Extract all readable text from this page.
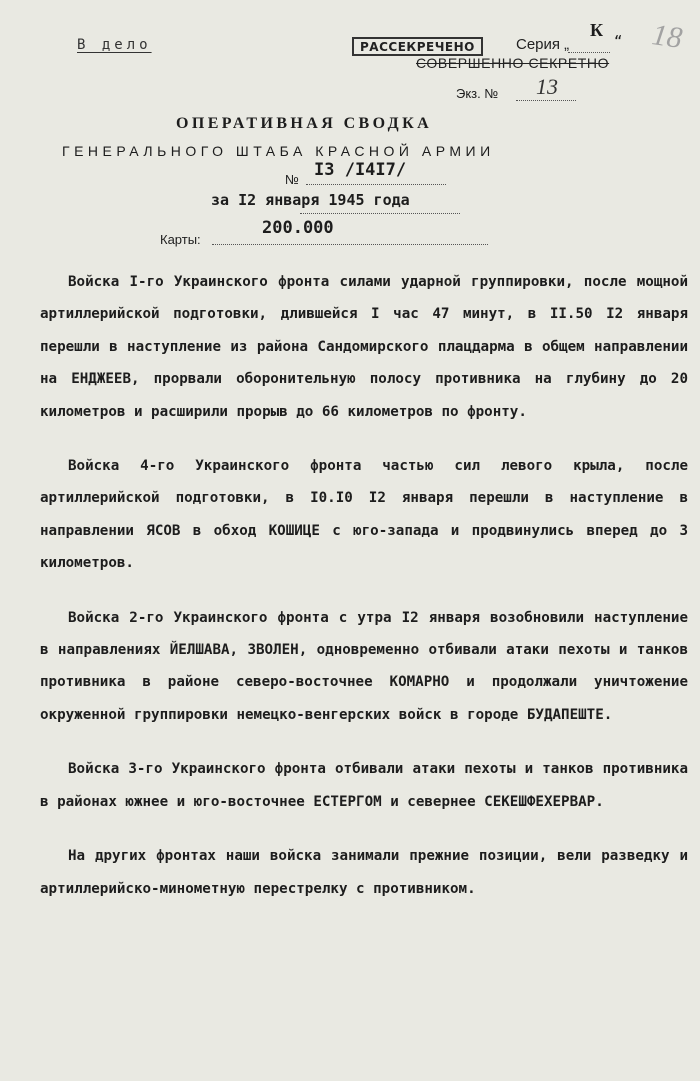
В дело	РАССЕКРЕЧЕНО	Серия „
К
“
СОВЕРШЕННО СЕКРЕТНО
18
Экз. № 13
ОПЕРАТИВНАЯ СВОДКА
ГЕНЕРАЛЬНОГО ШТАБА КРАСНОЙ АРМИИ
№ I3 /I4I7/
за I2 января 1945 года
Карты:
200.000

Войска I-го Украинского фронта силами ударной группировки, после мощной артиллерийской подготовки, длившейся I час 47 минут, в II.50 I2 января перешли в наступление из района Сандомирского плацдарма в общем направлении на ЕНДЖЕЕВ, прорвали оборонительную полосу противника на глубину до 20 километров и расширили прорыв до 66 километров по фронту.

Войска 4-го Украинского фронта частью сил левого крыла, после артиллерийской подготовки, в I0.I0 I2 января перешли в наступление в направлении ЯСОВ в обход КОШИЦЕ с юго-запада и продвинулись вперед до 3 километров.

Войска 2-го Украинского фронта с утра I2 января возобновили наступление в направлениях ЙЕЛШАВА, ЗВОЛЕН, одновременно отбивали атаки пехоты и танков противника в районе северо-восточнее КОМАРНО и продолжали уничтожение окруженной группировки немецко-венгерских войск в городе БУДАПЕШТЕ.

Войска 3-го Украинского фронта отбивали атаки пехоты и танков противника в районах южнее и юго-восточнее ЕСТЕРГОМ и севернее СЕКЕШФЕХЕРВАР.

На других фронтах наши войска занимали прежние позиции, вели разведку и артиллерийско-минометную перестрелку с противником.
